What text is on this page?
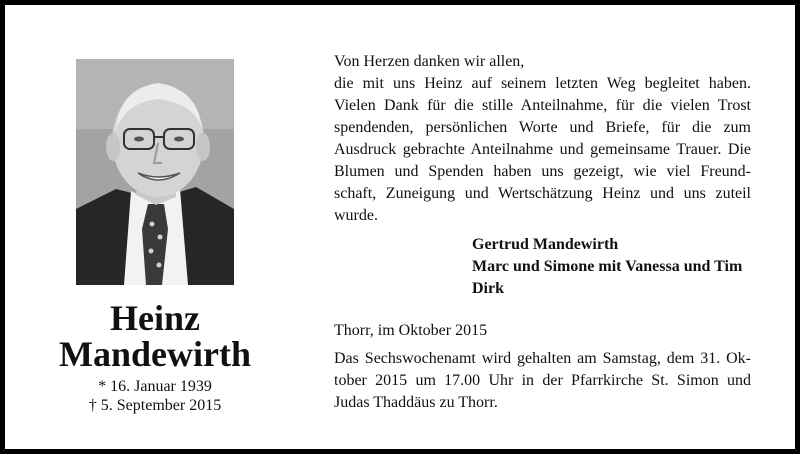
Heinz
Mandewirth
* 16. Januar 1939
† 5. September 2015
Von Herzen danken wir allen,
die mit uns Heinz auf seinem letzten Weg begleitet haben.
Vielen Dank für die stille Anteilnahme, für die vielen Trost
spendenden, persönlichen Worte und Briefe, für die zum
Ausdruck gebrachte Anteilnahme und gemeinsame Trauer. Die
Blumen und Spenden haben uns gezeigt, wie viel Freund-
schaft, Zuneigung und Wertschätzung Heinz und uns zuteil
wurde.
Gertrud Mandewirth
Marc und Simone mit Vanessa und Tim
Dirk
Thorr, im Oktober 2015
Das Sechswochenamt wird gehalten am Samstag, dem 31. Ok-
tober 2015 um 17.00 Uhr in der Pfarrkirche St. Simon und
Judas Thaddäus zu Thorr.
